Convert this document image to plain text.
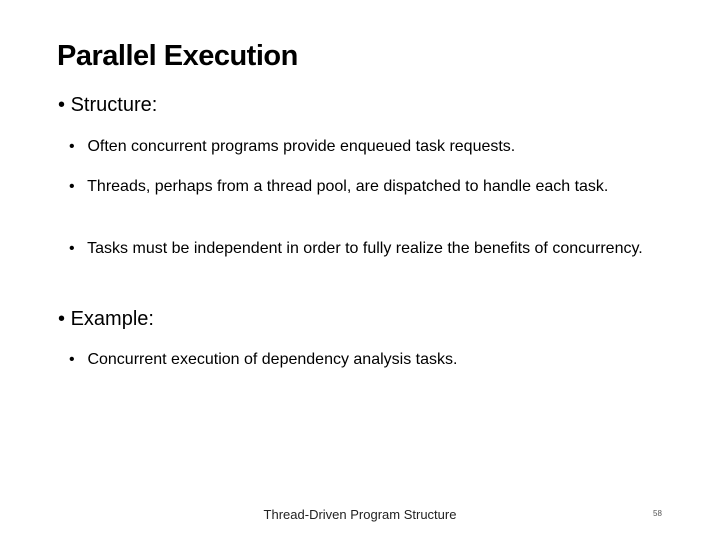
Parallel Execution
• Structure:
• Often concurrent programs provide enqueued task requests.
• Threads, perhaps from a thread pool, are dispatched to handle each task.
• Tasks must be independent in order to fully realize the benefits of concurrency.
• Example:
• Concurrent execution of dependency analysis tasks.
Thread-Driven Program Structure	58
